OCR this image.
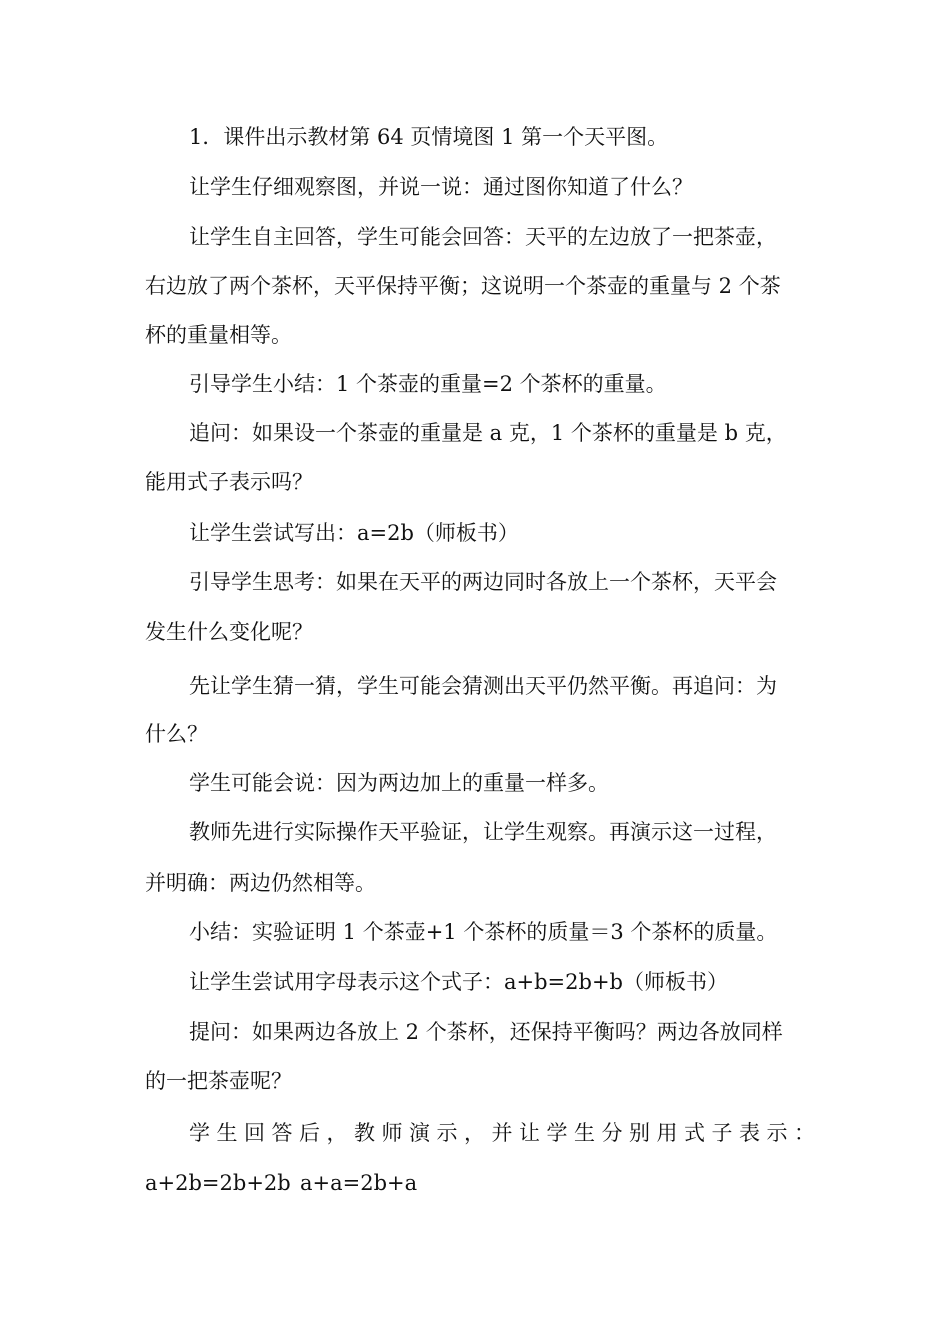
1．课件出示教材第 64 页情境图 1 第一个天平图。
让学生仔细观察图，并说一说：通过图你知道了什么？
让学生自主回答，学生可能会回答：天平的左边放了一把茶壶，
右边放了两个茶杯，天平保持平衡；这说明一个茶壶的重量与 2 个茶
杯的重量相等。
引导学生小结：1 个茶壶的重量=2 个茶杯的重量。
追问：如果设一个茶壶的重量是 a 克，1 个茶杯的重量是 b 克，
能用式子表示吗？
让学生尝试写出：a=2b（师板书）
引导学生思考：如果在天平的两边同时各放上一个茶杯，天平会
发生什么变化呢？
先让学生猜一猜，学生可能会猜测出天平仍然平衡。再追问：为
什么？
学生可能会说：因为两边加上的重量一样多。
教师先进行实际操作天平验证，让学生观察。再演示这一过程，
并明确：两边仍然相等。
小结：实验证明 1 个茶壶+1 个茶杯的质量＝3 个茶杯的质量。
让学生尝试用字母表示这个式子：a+b=2b+b（师板书）
提问：如果两边各放上 2 个茶杯，还保持平衡吗？两边各放同样
的一把茶壶呢？
学生回答后，教师演示，并让学生分别用式子表示：
a+2b=2b+2b a+a=2b+a
